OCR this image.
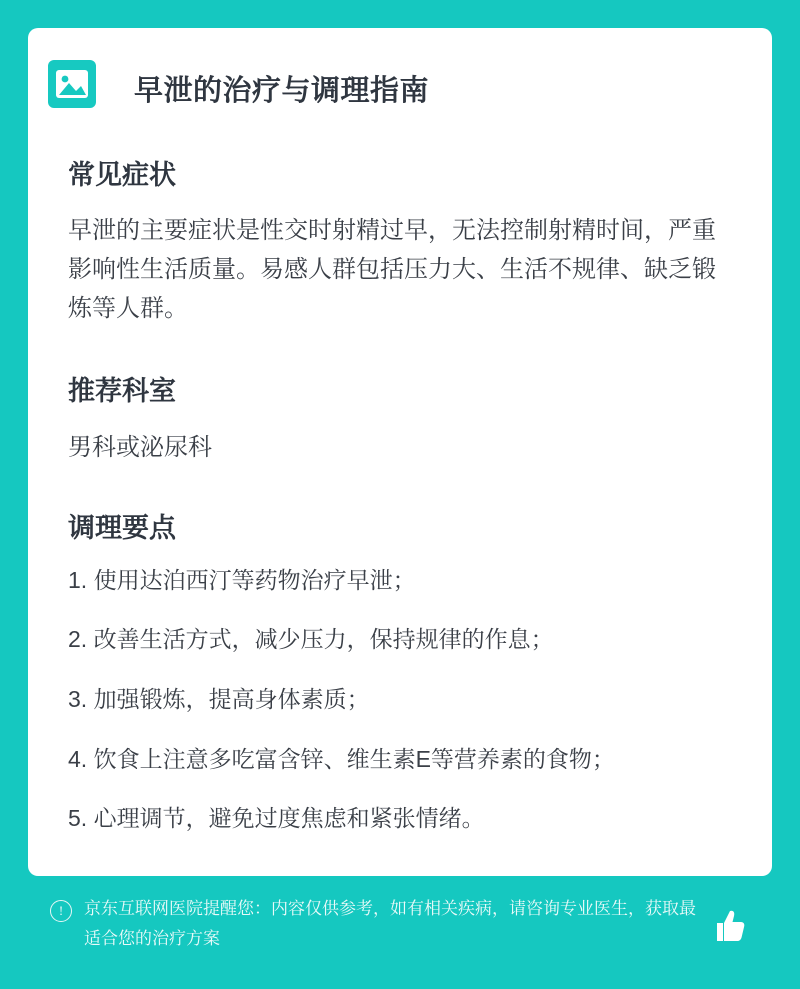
早泄的治疗与调理指南
常见症状

早泄的主要症状是性交时射精过早，无法控制射精时间，严重影响性生活质量。易感人群包括压力大、生活不规律、缺乏锻炼等人群。

推荐科室

男科或泌尿科

调理要点
1. 使用达泊西汀等药物治疗早泄；
2. 改善生活方式，减少压力，保持规律的作息；
3. 加强锻炼，提高身体素质；
4. 饮食上注意多吃富含锌、维生素E等营养素的食物；
5. 心理调节，避免过度焦虑和紧张情绪。
!	京东互联网医院提醒您：内容仅供参考，如有相关疾病，请咨询专业医生，获取最适合您的治疗方案
